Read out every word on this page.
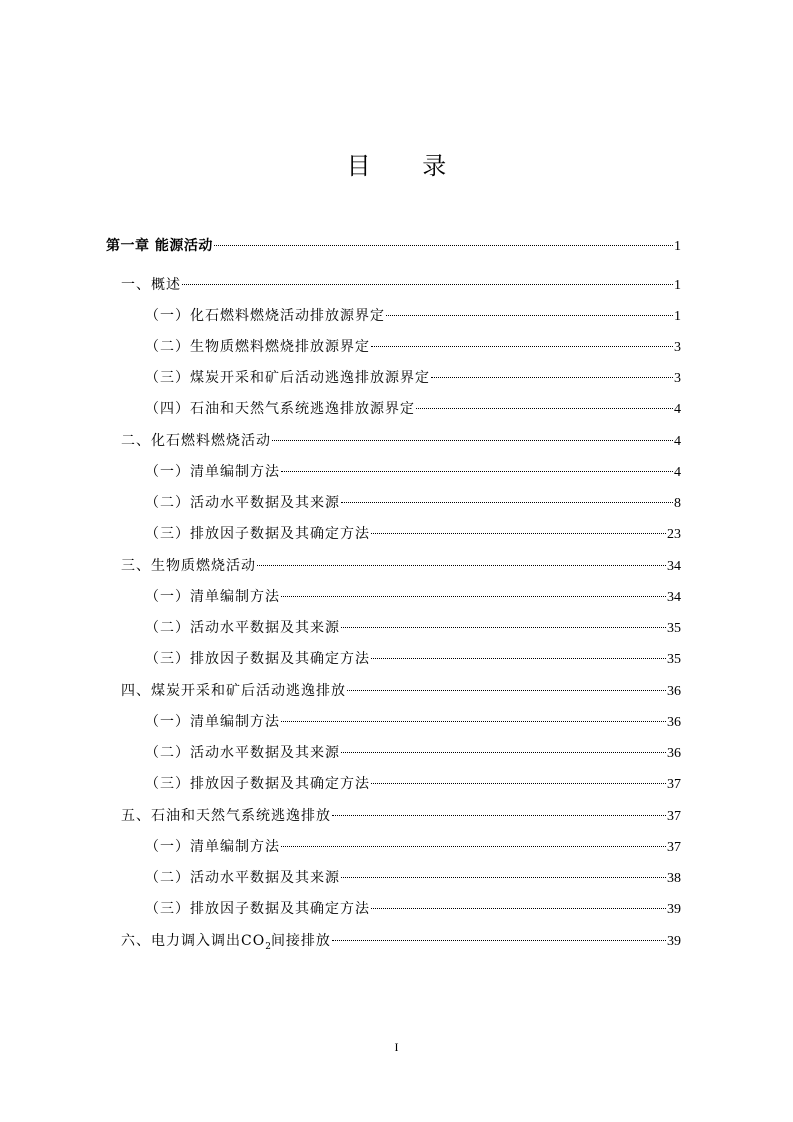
目 录
第一章 能源活动	1
一、概述	1
（一）化石燃料燃烧活动排放源界定	1
（二）生物质燃料燃烧排放源界定	3
（三）煤炭开采和矿后活动逃逸排放源界定	3
（四）石油和天然气系统逃逸排放源界定	4
二、化石燃料燃烧活动	4
（一）清单编制方法	4
（二）活动水平数据及其来源	8
（三）排放因子数据及其确定方法	23
三、生物质燃烧活动	34
（一）清单编制方法	34
（二）活动水平数据及其来源	35
（三）排放因子数据及其确定方法	35
四、煤炭开采和矿后活动逃逸排放	36
（一）清单编制方法	36
（二）活动水平数据及其来源	36
（三）排放因子数据及其确定方法	37
五、石油和天然气系统逃逸排放	37
（一）清单编制方法	37
（二）活动水平数据及其来源	38
（三）排放因子数据及其确定方法	39
六、电力调入调出$CO_2$间接排放	39
I
